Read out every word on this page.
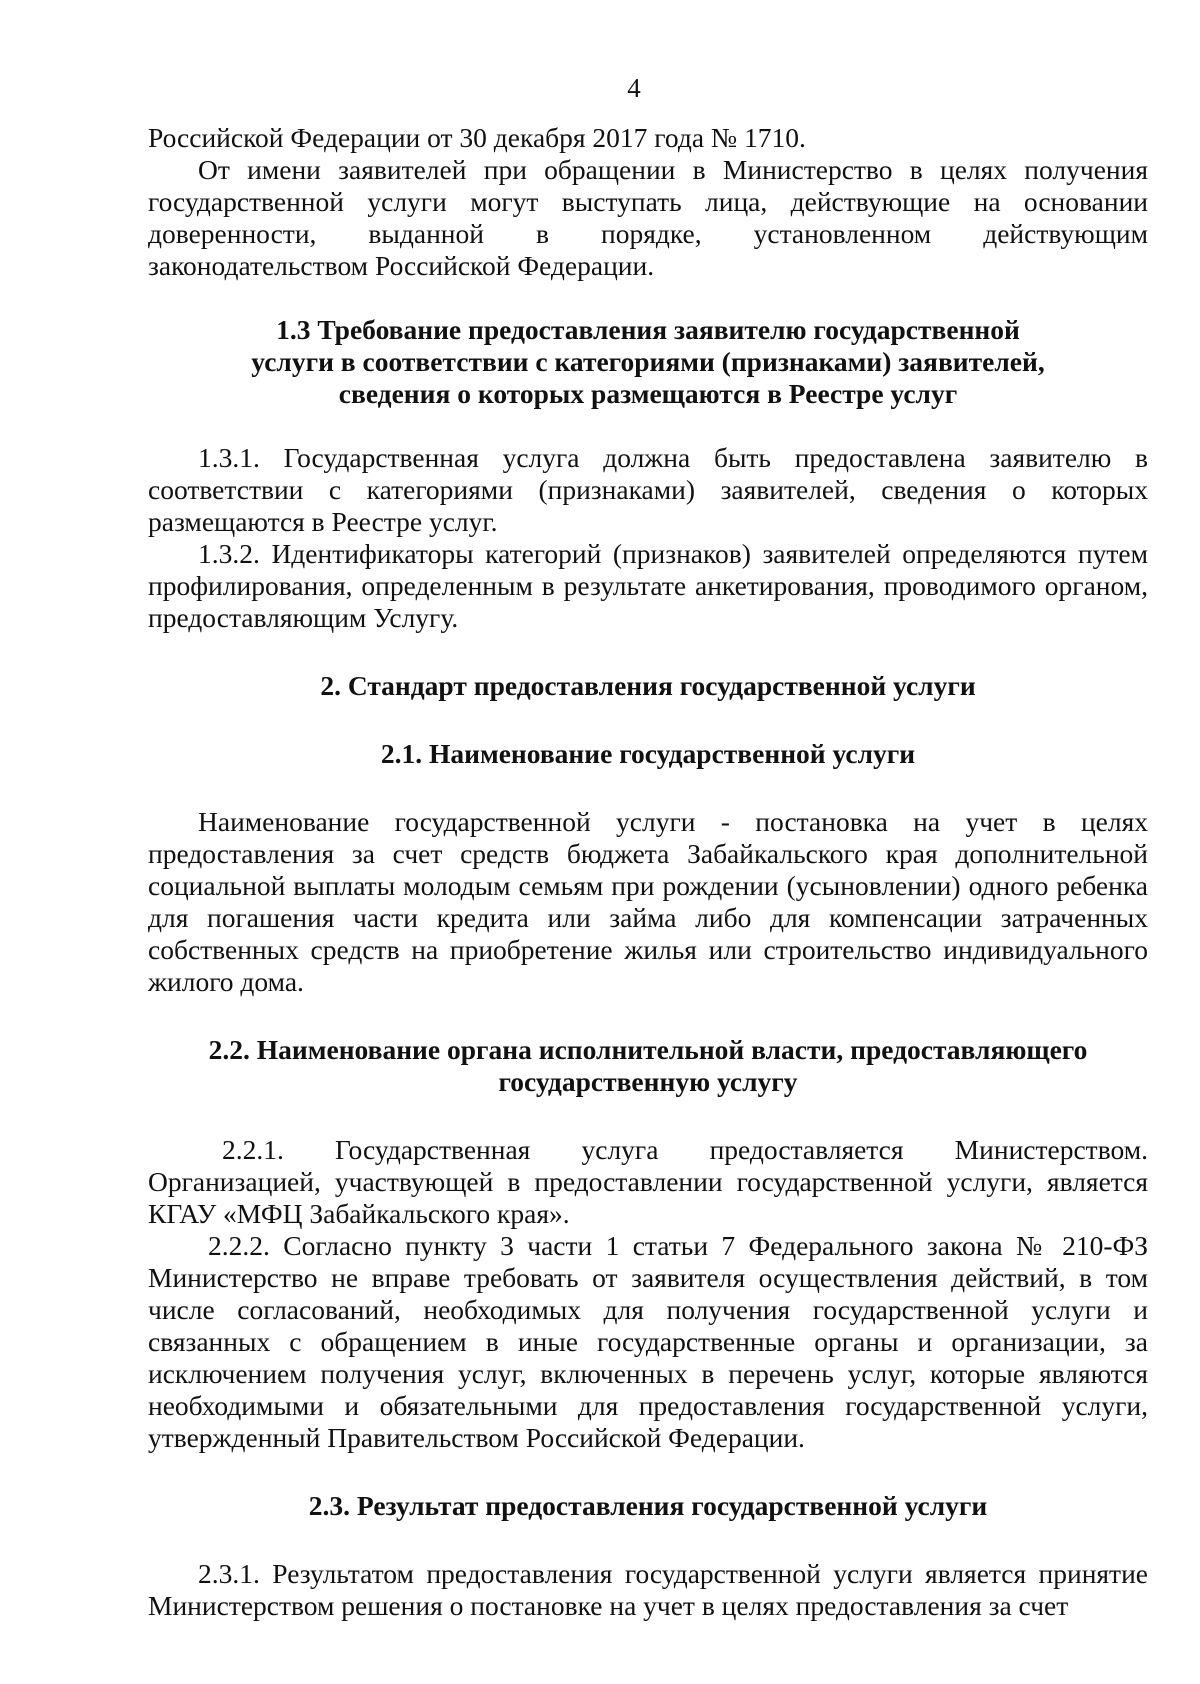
4

Российской Федерации от 30 декабря 2017 года № 1710.

От имени заявителей при обращении в Министерство в целях получения государственной услуги могут выступать лица, действующие на основании доверенности, выданной в порядке, установленном действующим законодательством Российской Федерации.

1.3 Требование предоставления заявителю государственной
услуги в соответствии с категориями (признаками) заявителей,
сведения о которых размещаются в Реестре услуг

1.3.1. Государственная услуга должна быть предоставлена заявителю в соответствии с категориями (признаками) заявителей, сведения о которых размещаются в Реестре услуг.

1.3.2. Идентификаторы категорий (признаков) заявителей определяются путем профилирования, определенным в результате анкетирования, проводимого органом, предоставляющим Услугу.

2. Стандарт предоставления государственной услуги
2.1. Наименование государственной услуги

Наименование государственной услуги - постановка на учет в целях предоставления за счет средств бюджета Забайкальского края дополнительной социальной выплаты молодым семьям при рождении (усыновлении) одного ребенка для погашения части кредита или займа либо для компенсации затраченных собственных средств на приобретение жилья или строительство индивидуального жилого дома.

2.2. Наименование органа исполнительной власти, предоставляющего
государственную услугу

2.2.1. Государственная услуга предоставляется Министерством. Организацией, участвующей в предоставлении государственной услуги, является КГАУ «МФЦ Забайкальского края».

2.2.2. Согласно пункту 3 части 1 статьи 7 Федерального закона № 210-ФЗ Министерство не вправе требовать от заявителя осуществления действий, в том числе согласований, необходимых для получения государственной услуги и связанных с обращением в иные государственные органы и организации, за исключением получения услуг, включенных в перечень услуг, которые являются необходимыми и обязательными для предоставления государственной услуги, утвержденный Правительством Российской Федерации.

2.3. Результат предоставления государственной услуги

2.3.1. Результатом предоставления государственной услуги является принятие Министерством решения о постановке на учет в целях предоставления за счет
